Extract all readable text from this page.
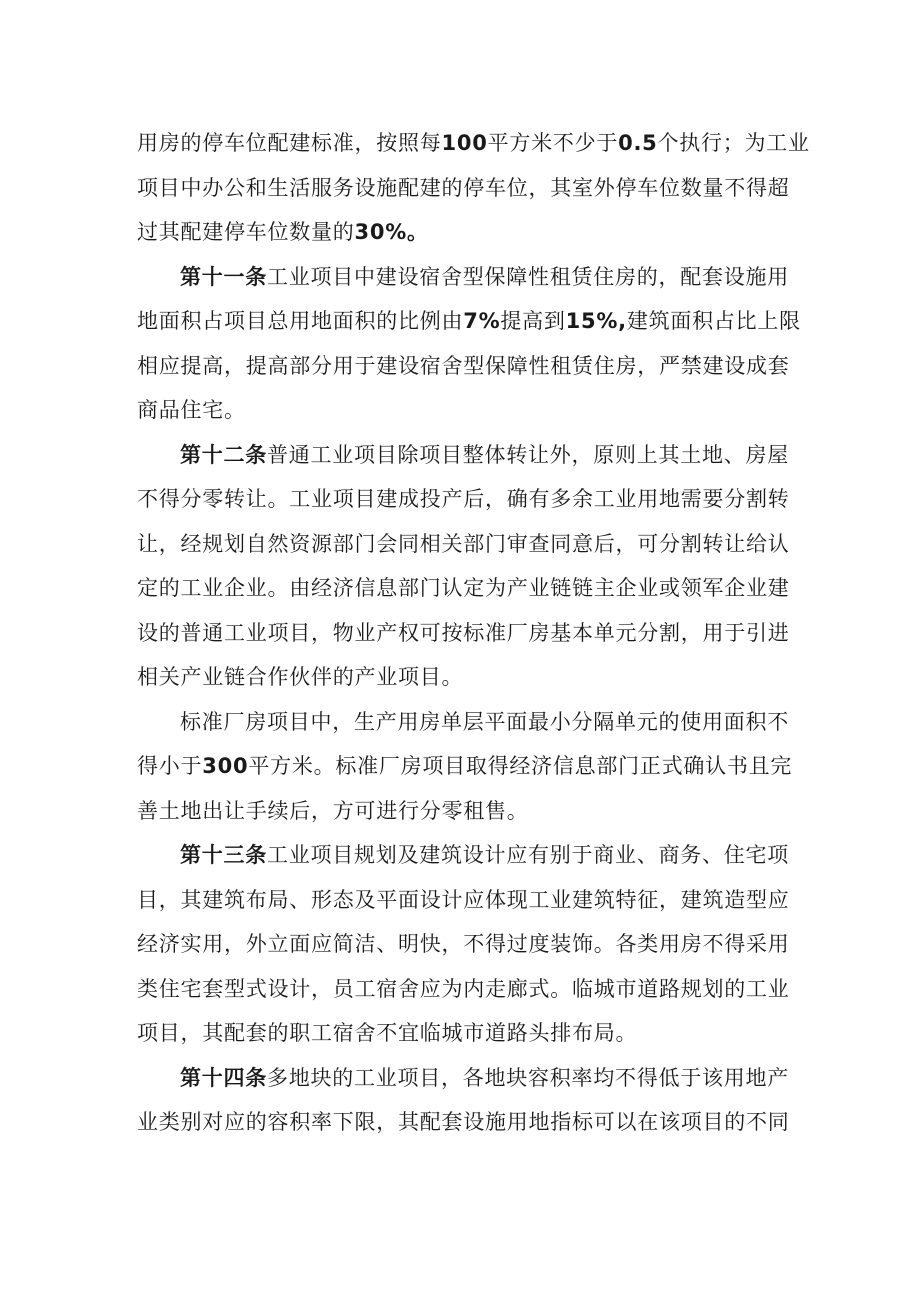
用房的停车位配建标准，按照每100平方米不少于0.5个执行；为工业
项目中办公和生活服务设施配建的停车位，其室外停车位数量不得超
过其配建停车位数量的30%。
第十一条工业项目中建设宿舍型保障性租赁住房的，配套设施用
地面积占项目总用地面积的比例由7%提高到15%,建筑面积占比上限
相应提高，提高部分用于建设宿舍型保障性租赁住房，严禁建设成套
商品住宅。
第十二条普通工业项目除项目整体转让外，原则上其土地、房屋
不得分零转让。工业项目建成投产后，确有多余工业用地需要分割转
让，经规划自然资源部门会同相关部门审查同意后，可分割转让给认
定的工业企业。由经济信息部门认定为产业链链主企业或领军企业建
设的普通工业项目，物业产权可按标准厂房基本单元分割，用于引进
相关产业链合作伙伴的产业项目。
标准厂房项目中，生产用房单层平面最小分隔单元的使用面积不
得小于300平方米。标准厂房项目取得经济信息部门正式确认书且完
善土地出让手续后，方可进行分零租售。
第十三条工业项目规划及建筑设计应有别于商业、商务、住宅项
目，其建筑布局、形态及平面设计应体现工业建筑特征，建筑造型应
经济实用，外立面应简洁、明快，不得过度装饰。各类用房不得采用
类住宅套型式设计，员工宿舍应为内走廊式。临城市道路规划的工业
项目，其配套的职工宿舍不宜临城市道路头排布局。
第十四条多地块的工业项目，各地块容积率均不得低于该用地产
业类别对应的容积率下限，其配套设施用地指标可以在该项目的不同
